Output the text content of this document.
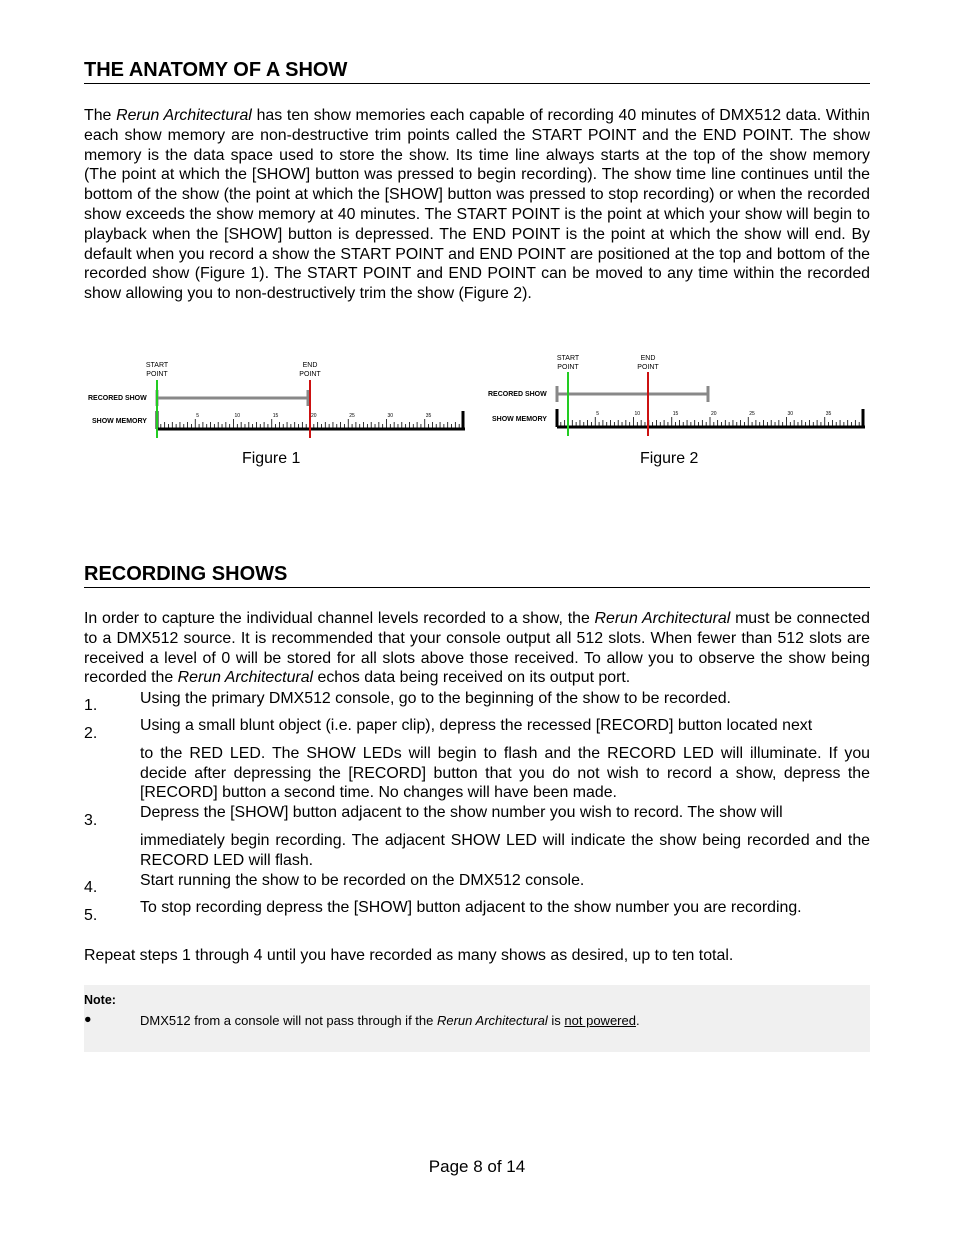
THE ANATOMY OF A SHOW

The Rerun Architectural has ten show memories each capable of recording 40 minutes of DMX512 data. Within each show memory are non-destructive trim points called the START POINT and the END POINT. The show memory is the data space used to store the show. Its time line always starts at the top of the show memory (The point at which the [SHOW] button was pressed to begin recording). The show time line continues until the bottom of the show (the point at which the [SHOW] button was pressed to stop recording) or when the recorded show exceeds the show memory at 40 minutes. The START POINT is the point at which your show will begin to playback when the [SHOW] button is depressed. The END POINT is the point at which the show will end. By default when you record a show the START POINT and END POINT are positioned at the top and bottom of the recorded show (Figure 1). The START POINT and END POINT can be moved to any time within the recorded show allowing you to non-destructively trim the show (Figure 2).

START
POINT
END
POINT
RECORED SHOW
SHOW MEMORY
5	10	15	20	25	30	35
Figure 1
START
POINT
END
POINT
RECORED SHOW
SHOW MEMORY
5	10	15	20	25	30	35
Figure 2
RECORDING SHOWS

In order to capture the individual channel levels recorded to a show, the Rerun Architectural must be connected to a DMX512 source. It is recommended that your console output all 512 slots. When fewer than 512 slots are received a level of 0 will be stored for all slots above those received. To allow you to observe the show being recorded the Rerun Architectural echos data being received on its output port.

1.	Using the primary DMX512 console, go to the beginning of the show to be recorded.

2.	Using a small blunt object (i.e. paper clip), depress the recessed [RECORD] button located next
to the RED LED. The SHOW LEDs will begin to flash and the RECORD LED will illuminate. If you decide after depressing the [RECORD] button that you do not wish to record a show, depress the [RECORD] button a second time. No changes will have been made.

3.	Depress the [SHOW] button adjacent to the show number you wish to record. The show will
immediately begin recording. The adjacent SHOW LED will indicate the show being recorded and the RECORD LED will flash.

4.	Start running the show to be recorded on the DMX512 console.

5.	To stop recording depress the [SHOW] button adjacent to the show number you are recording.

Repeat steps 1 through 4 until you have recorded as many shows as desired, up to ten total.

Note:
●	DMX512 from a console will not pass through if the Rerun Architectural is not powered.
Page 8 of 14
